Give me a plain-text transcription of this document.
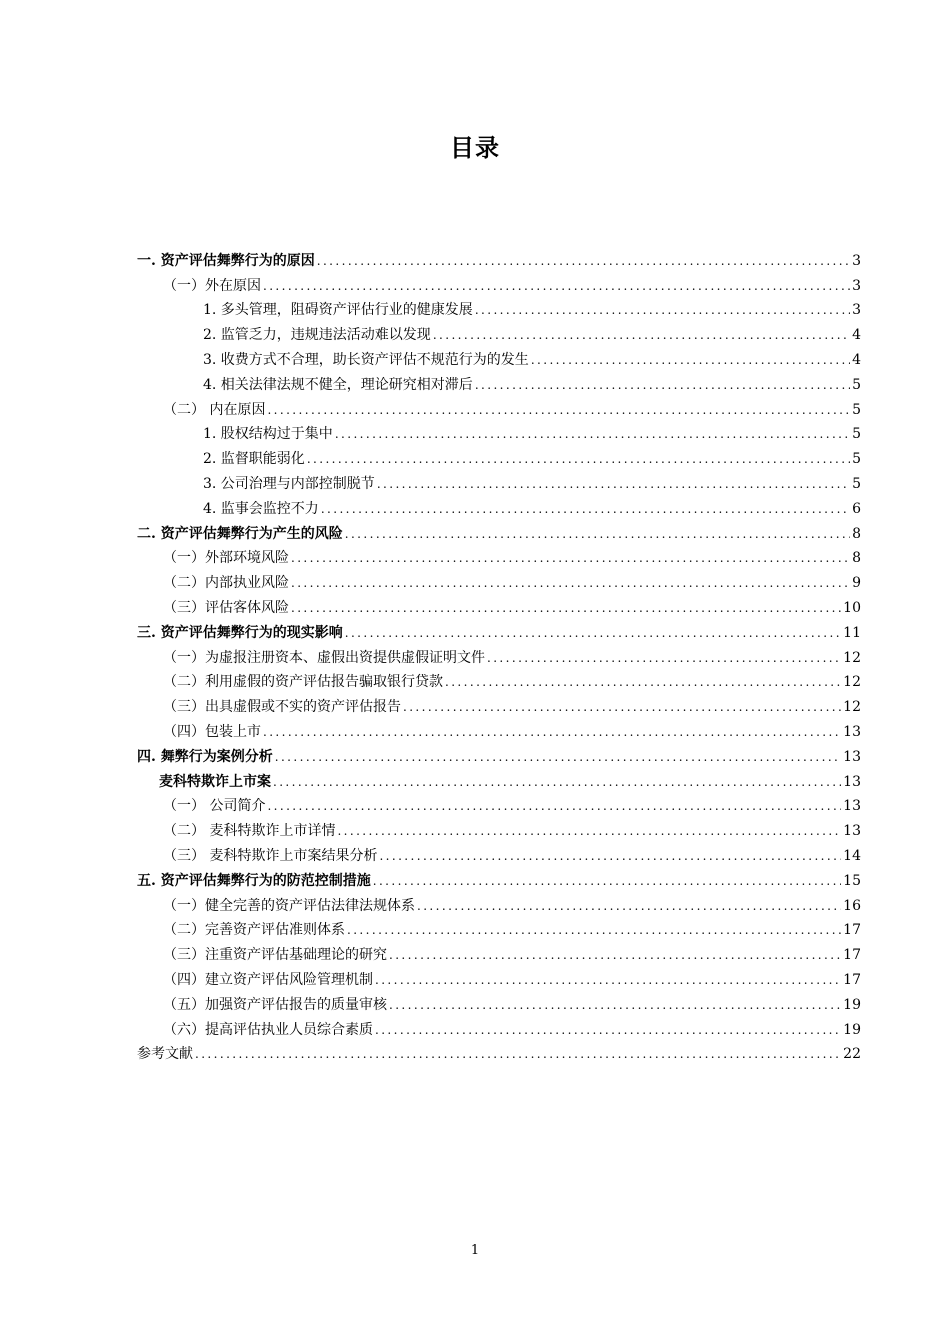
目录
一. 资产评估舞弊行为的原因 .....	3
（一）外在原因 .....	3
1. 多头管理，阻碍资产评估行业的健康发展 .....	3
2. 监管乏力，违规违法活动难以发现 .....	4
3. 收费方式不合理，助长资产评估不规范行为的发生 .....	4
4. 相关法律法规不健全，理论研究相对滞后 .....	5
（二） 内在原因 .....	5
1. 股权结构过于集中 .....	5
2. 监督职能弱化 .....	5
3. 公司治理与内部控制脱节 .....	5
4. 监事会监控不力 .....	6
二. 资产评估舞弊行为产生的风险 .....	8
（一）外部环境风险 .....	8
（二）内部执业风险 .....	9
（三）评估客体风险 .....	10
三. 资产评估舞弊行为的现实影响 .....	11
（一）为虚报注册资本、虚假出资提供虚假证明文件 .....	12
（二）利用虚假的资产评估报告骗取银行贷款 .....	12
（三）出具虚假或不实的资产评估报告 .....	12
（四）包装上市 .....	13
四. 舞弊行为案例分析 .....	13
麦科特欺诈上市案 .....	13
（一） 公司简介 .....	13
（二） 麦科特欺诈上市详情 .....	13
（三） 麦科特欺诈上市案结果分析 .....	14
五. 资产评估舞弊行为的防范控制措施 .....	15
（一）健全完善的资产评估法律法规体系 .....	16
（二）完善资产评估准则体系 .....	17
（三）注重资产评估基础理论的研究 .....	17
（四）建立资产评估风险管理机制 .....	17
（五）加强资产评估报告的质量审核 .....	19
（六）提高评估执业人员综合素质 .....	19
参考文献 .....	22
1
